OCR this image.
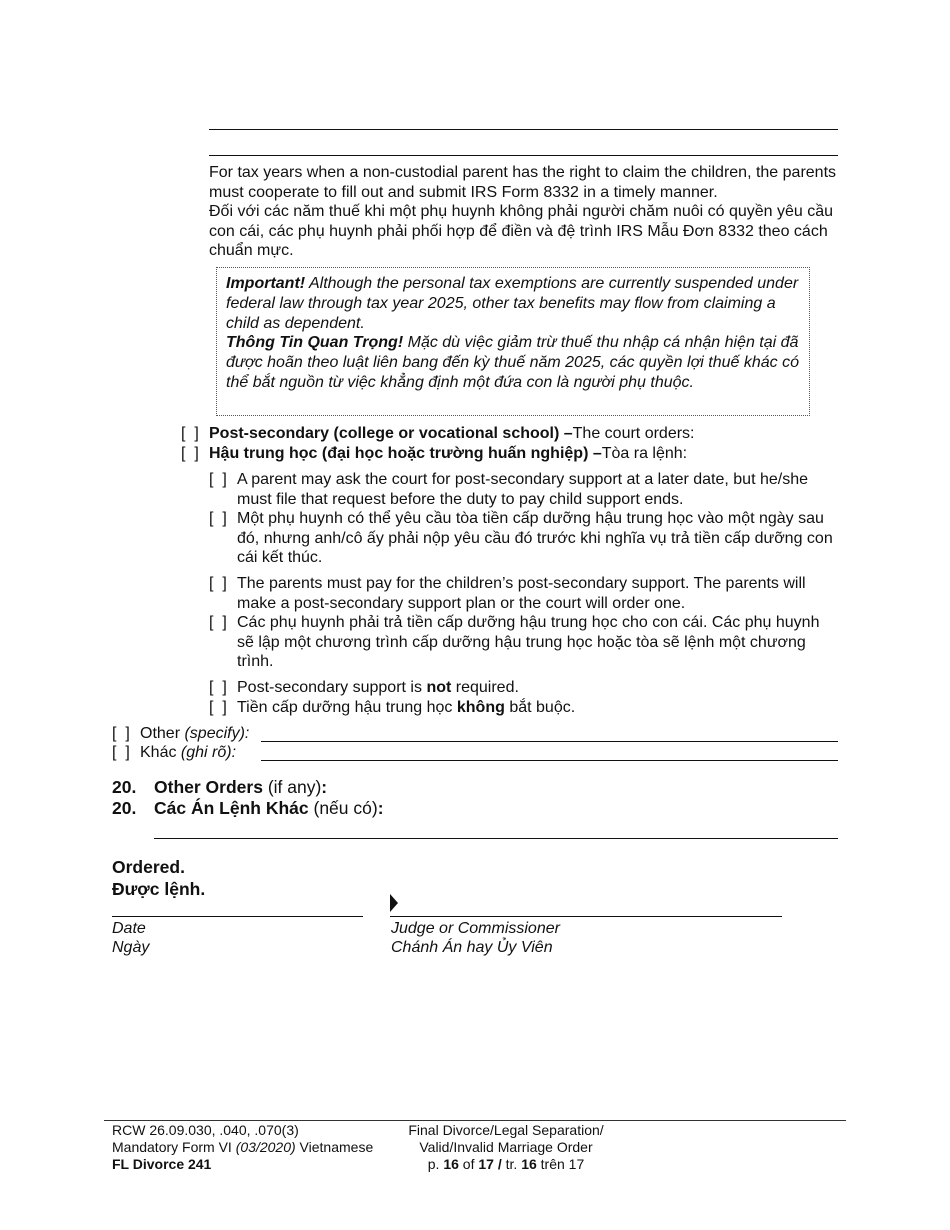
For tax years when a non-custodial parent has the right to claim the children, the parents must cooperate to fill out and submit IRS Form 8332 in a timely manner.
Đối với các năm thuế khi một phụ huynh không phải người chăm nuôi có quyền yêu cầu con cái, các phụ huynh phải phối hợp để điền và đệ trình IRS Mẫu Đơn 8332 theo cách chuẩn mực.
Important! Although the personal tax exemptions are currently suspended under federal law through tax year 2025, other tax benefits may flow from claiming a child as dependent.
Thông Tin Quan Trọng! Mặc dù việc giảm trừ thuế thu nhập cá nhận hiện tại đã được hoãn theo luật liên bang đến kỳ thuế năm 2025, các quyền lợi thuế khác có thể bắt nguồn từ việc khẳng định một đứa con là người phụ thuộc.
[  ] Post-secondary (college or vocational school) –The court orders:
[  ] Hậu trung học (đại học hoặc trường huấn nghiệp) –Tòa ra lệnh:
[  ] A parent may ask the court for post-secondary support at a later date, but he/she must file that request before the duty to pay child support ends.
[  ] Một phụ huynh có thể yêu cầu tòa tiền cấp dưỡng hậu trung học vào một ngày sau đó, nhưng anh/cô ấy phải nộp yêu cầu đó trước khi nghĩa vụ trả tiền cấp dưỡng con cái kết thúc.
[  ] The parents must pay for the children’s post-secondary support. The parents will make a post-secondary support plan or the court will order one.
[  ] Các phụ huynh phải trả tiền cấp dưỡng hậu trung học cho con cái. Các phụ huynh sẽ lập một chương trình cấp dưỡng hậu trung học hoặc tòa sẽ lệnh một chương trình.
[  ] Post-secondary support is not required.
[  ] Tiền cấp dưỡng hậu trung học không bắt buộc.
[  ] Other (specify):
[  ] Khác (ghi rõ):
20. Other Orders (if any):
20. Các Án Lệnh Khác (nếu có):
Ordered.
Được lệnh.
Date
Ngày
Judge or Commissioner
Chánh Án hay Ủy Viên
RCW 26.09.030, .040, .070(3)
Mandatory Form VI (03/2020) Vietnamese
FL Divorce 241
Final Divorce/Legal Separation/
Valid/Invalid Marriage Order
p. 16 of 17 / tr. 16 trên 17
